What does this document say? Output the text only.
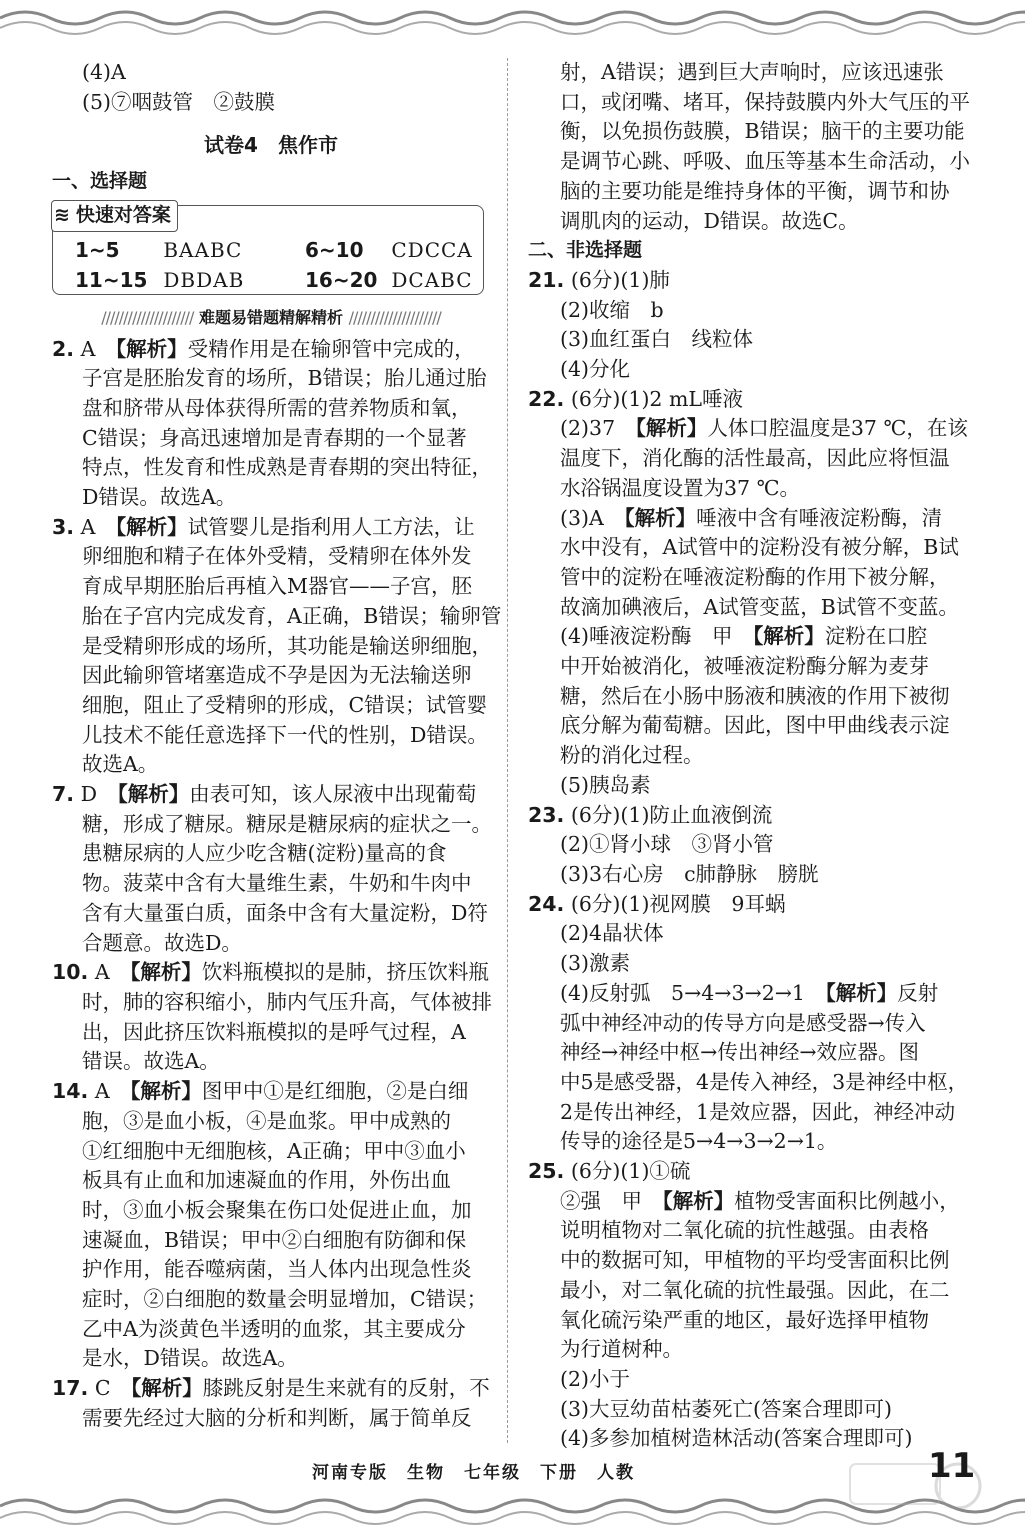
(4)A
(5)⑦咽鼓管　②鼓膜
试卷4　焦作市
一、选择题
≋ 快速对答案
1~5 BAABC	6~10 CDCCA
11~15 DBDAB	16~20 DCABC
///////////////////// 难题易错题精解精析 /////////////////////
2. A　 【解析】受精作用是在输卵管中完成的，
子宫是胚胎发育的场所，B错误；胎儿通过胎
盘和脐带从母体获得所需的营养物质和氧，
C错误；身高迅速增加是青春期的一个显著
特点，性发育和性成熟是青春期的突出特征，
D错误。故选A。
3. A　 【解析】试管婴儿是指利用人工方法，让
卵细胞和精子在体外受精，受精卵在体外发
育成早期胚胎后再植入M器官——子宫，胚
胎在子宫内完成发育，A正确，B错误；输卵管
是受精卵形成的场所，其功能是输送卵细胞，
因此输卵管堵塞造成不孕是因为无法输送卵
细胞，阻止了受精卵的形成，C错误；试管婴
儿技术不能任意选择下一代的性别，D错误。
故选A。
7. D　 【解析】由表可知，该人尿液中出现葡萄
糖，形成了糖尿。糖尿是糖尿病的症状之一。
患糖尿病的人应少吃含糖(淀粉)量高的食
物。菠菜中含有大量维生素，牛奶和牛肉中
含有大量蛋白质，面条中含有大量淀粉，D符
合题意。故选D。
10. A　 【解析】饮料瓶模拟的是肺，挤压饮料瓶
时，肺的容积缩小，肺内气压升高，气体被排
出，因此挤压饮料瓶模拟的是呼气过程，A
错误。故选A。
14. A　 【解析】图甲中①是红细胞，②是白细
胞，③是血小板，④是血浆。甲中成熟的
①红细胞中无细胞核，A正确；甲中③血小
板具有止血和加速凝血的作用，外伤出血
时，③血小板会聚集在伤口处促进止血，加
速凝血，B错误；甲中②白细胞有防御和保
护作用，能吞噬病菌，当人体内出现急性炎
症时，②白细胞的数量会明显增加，C错误；
乙中A为淡黄色半透明的血浆，其主要成分
是水，D错误。故选A。
17. C　 【解析】膝跳反射是生来就有的反射，不
需要先经过大脑的分析和判断，属于简单反
射，A错误；遇到巨大声响时，应该迅速张
口，或闭嘴、堵耳，保持鼓膜内外大气压的平
衡，以免损伤鼓膜，B错误；脑干的主要功能
是调节心跳、呼吸、血压等基本生命活动，小
脑的主要功能是维持身体的平衡，调节和协
调肌肉的运动，D错误。故选C。
二、非选择题
21. (6分)(1)肺
(2)收缩　b
(3)血红蛋白　线粒体
(4)分化
22. (6分)(1)2 mL唾液
(2)37　【解析】人体口腔温度是37 ℃，在该
温度下，消化酶的活性最高，因此应将恒温
水浴锅温度设置为37 ℃。
(3)A　【解析】唾液中含有唾液淀粉酶，清
水中没有，A试管中的淀粉没有被分解，B试
管中的淀粉在唾液淀粉酶的作用下被分解，
故滴加碘液后，A试管变蓝，B试管不变蓝。
(4)唾液淀粉酶　甲　【解析】淀粉在口腔
中开始被消化，被唾液淀粉酶分解为麦芽
糖，然后在小肠中肠液和胰液的作用下被彻
底分解为葡萄糖。因此，图中甲曲线表示淀
粉的消化过程。
(5)胰岛素
23. (6分)(1)防止血液倒流
(2)①肾小球　③肾小管
(3)3右心房　c肺静脉　膀胱
24. (6分)(1)视网膜　9耳蜗
(2)4晶状体
(3)激素
(4)反射弧　5→4→3→2→1　【解析】反射
弧中神经冲动的传导方向是感受器→传入
神经→神经中枢→传出神经→效应器。图
中5是感受器，4是传入神经，3是神经中枢，
2是传出神经，1是效应器，因此，神经冲动
传导的途径是5→4→3→2→1。
25. (6分)(1)①硫
②强　甲　【解析】植物受害面积比例越小，
说明植物对二氧化硫的抗性越强。由表格
中的数据可知，甲植物的平均受害面积比例
最小，对二氧化硫的抗性最强。因此，在二
氧化硫污染严重的地区，最好选择甲植物
为行道树种。
(2)小于
(3)大豆幼苗枯萎死亡(答案合理即可)
(4)多参加植树造林活动(答案合理即可)
河南专版　生物　七年级　下册　人教	11
